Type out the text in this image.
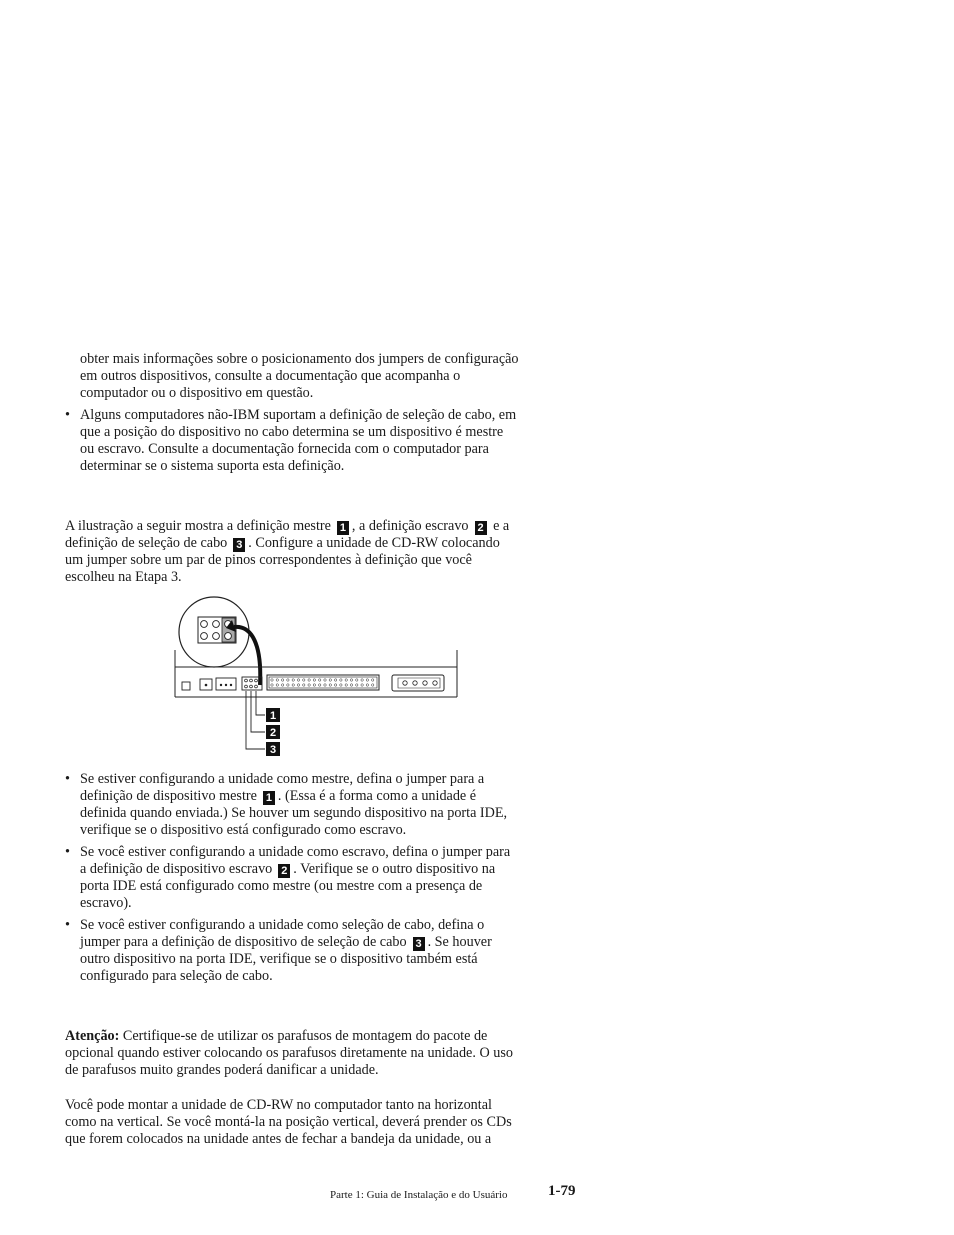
obter mais informações sobre o posicionamento dos jumpers de configuração
em outros dispositivos, consulte a documentação que acompanha o
computador ou o dispositivo em questão.
• Alguns computadores não-IBM suportam a definição de seleção de cabo, em
que a posição do dispositivo no cabo determina se um dispositivo é mestre
ou escravo. Consulte a documentação fornecida com o computador para
determinar se o sistema suporta esta definição.
A ilustração a seguir mostra a definição mestre 1 , a definição escravo 2 e a
definição de seleção de cabo 3 . Configure a unidade de CD-RW colocando
um jumper sobre um par de pinos correspondentes à definição que você
escolheu na Etapa 3.
1
2
3
• Se estiver configurando a unidade como mestre, defina o jumper para a
definição de dispositivo mestre 1 . (Essa é a forma como a unidade é
definida quando enviada.) Se houver um segundo dispositivo na porta IDE,
verifique se o dispositivo está configurado como escravo.
• Se você estiver configurando a unidade como escravo, defina o jumper para
a definição de dispositivo escravo 2 . Verifique se o outro dispositivo na
porta IDE está configurado como mestre (ou mestre com a presença de
escravo).
• Se você estiver configurando a unidade como seleção de cabo, defina o
jumper para a definição de dispositivo de seleção de cabo 3 . Se houver
outro dispositivo na porta IDE, verifique se o dispositivo também está
configurado para seleção de cabo.
Atenção: Certifique-se de utilizar os parafusos de montagem do pacote de
opcional quando estiver colocando os parafusos diretamente na unidade. O uso
de parafusos muito grandes poderá danificar a unidade.
Você pode montar a unidade de CD-RW no computador tanto na horizontal
como na vertical. Se você montá-la na posição vertical, deverá prender os CDs
que forem colocados na unidade antes de fechar a bandeja da unidade, ou a
Parte 1: Guia de Instalação e do Usuário	1-79
